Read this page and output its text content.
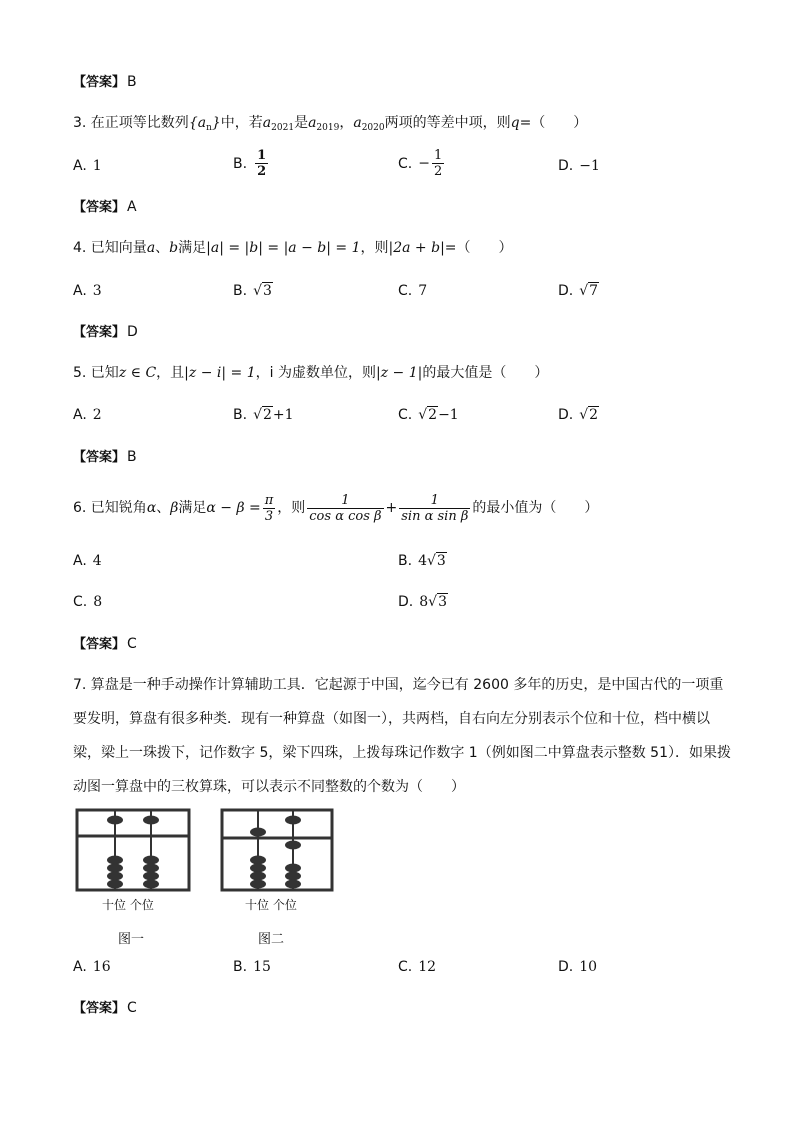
【答案】 B
3. 在正项等比数列$\{a_n\}$中，若$a_{2021}$是$a_{2019}$，$a_{2020}$两项的等差中项，则q=（　　）
A. 1	B. $\frac{1}{2}$	C. − $\frac{1}{2}$	D. −1
【答案】 A
4. 已知向量a、b满足|a| = |b| = |a − b| = 1，则|2a + b|=（　　）
A. 3	B. √3	C. 7	D. √7
【答案】 D
5. 已知z ∈ C，且|z − i| = 1，i 为虚数单位，则|z − 1|的最大值是（　　）
A. 2	B. √2+1	C. √2−1	D. √2
【答案】 B
6. 已知锐角α、β满足$\alpha - \beta = \frac{\pi}{3}$ ，则 $\frac{1}{\text{cos α cos β}} + \frac{1}{\text{sin α sin β}}$ 的最小值为（　　）
A. 4	B. 4√3
C. 8	D. 8√3
【答案】 C
7. 算盘是一种手动操作计算辅助工具．它起源于中国，迄今已有 2600 多年的历史，是中国古代的一项重要发明，算盘有很多种类．现有一种算盘（如图一），共两档，自右向左分别表示个位和十位，档中横以梁，梁上一珠拨下，记作数字 5，梁下四珠，上拨每珠记作数字 1（例如图二中算盘表示整数 51）．如果拨动图一算盘中的三枚算珠，可以表示不同整数的个数为（　　）
十位 个位
图一
十位 个位
图二
A. 16	B. 15	C. 12	D. 10
【答案】 C
